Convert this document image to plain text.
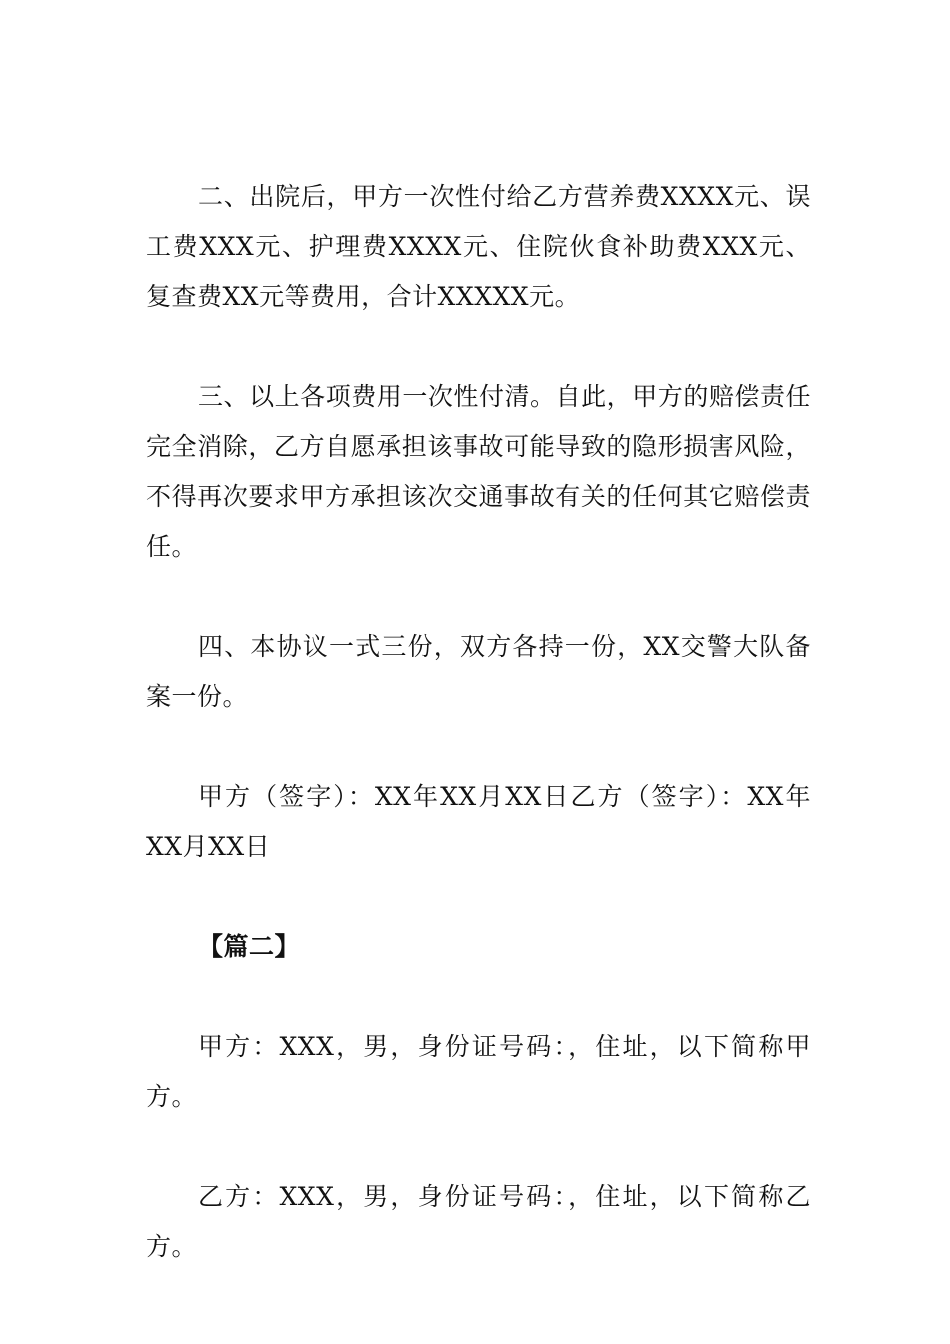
二、出院后，甲方一次性付给乙方营养费XXXX元、误工费XXX元、护理费XXXX元、住院伙食补助费XXX元、复查费XX元等费用，合计XXXXX元。

三、以上各项费用一次性付清。自此，甲方的赔偿责任完全消除，乙方自愿承担该事故可能导致的隐形损害风险，不得再次要求甲方承担该次交通事故有关的任何其它赔偿责任。

四、本协议一式三份，双方各持一份，XX交警大队备案一份。

甲方（签字）：XX年XX月XX日乙方（签字）：XX年XX月XX日

【篇二】

甲方：XXX，男，身份证号码：，住址，以下简称甲方。

乙方：XXX，男，身份证号码：，住址，以下简称乙方。
